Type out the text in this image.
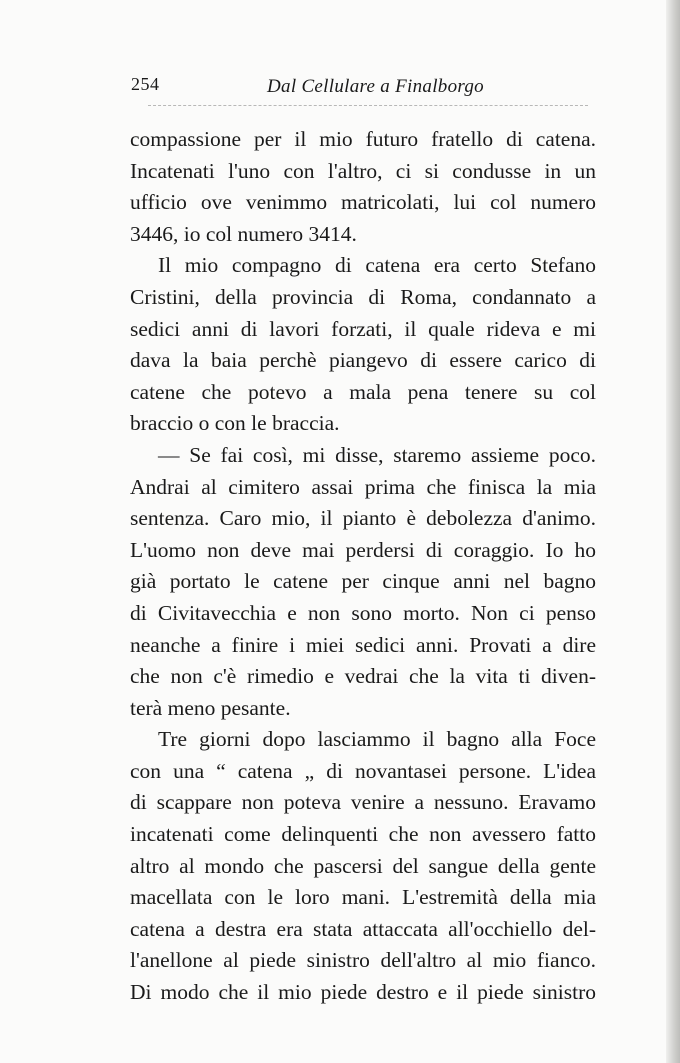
254	Dal Cellulare a Finalborgo
compassione per il mio futuro fratello di catena.
Incatenati l'uno con l'altro, ci si condusse in un
ufficio ove venimmo matricolati, lui col numero
3446, io col numero 3414.
Il mio compagno di catena era certo Stefano
Cristini, della provincia di Roma, condannato a
sedici anni di lavori forzati, il quale rideva e mi
dava la baia perchè piangevo di essere carico di
catene che potevo a mala pena tenere su col
braccio o con le braccia.
— Se fai così, mi disse, staremo assieme poco.
Andrai al cimitero assai prima che finisca la mia
sentenza. Caro mio, il pianto è debolezza d'animo.
L'uomo non deve mai perdersi di coraggio. Io ho
già portato le catene per cinque anni nel bagno
di Civitavecchia e non sono morto. Non ci penso
neanche a finire i miei sedici anni. Provati a dire
che non c'è rimedio e vedrai che la vita ti diven-
terà meno pesante.
Tre giorni dopo lasciammo il bagno alla Foce
con una “ catena „ di novantasei persone. L'idea
di scappare non poteva venire a nessuno. Eravamo
incatenati come delinquenti che non avessero fatto
altro al mondo che pascersi del sangue della gente
macellata con le loro mani. L'estremità della mia
catena a destra era stata attaccata all'occhiello del-
l'anellone al piede sinistro dell'altro al mio fianco.
Di modo che il mio piede destro e il piede sinistro
